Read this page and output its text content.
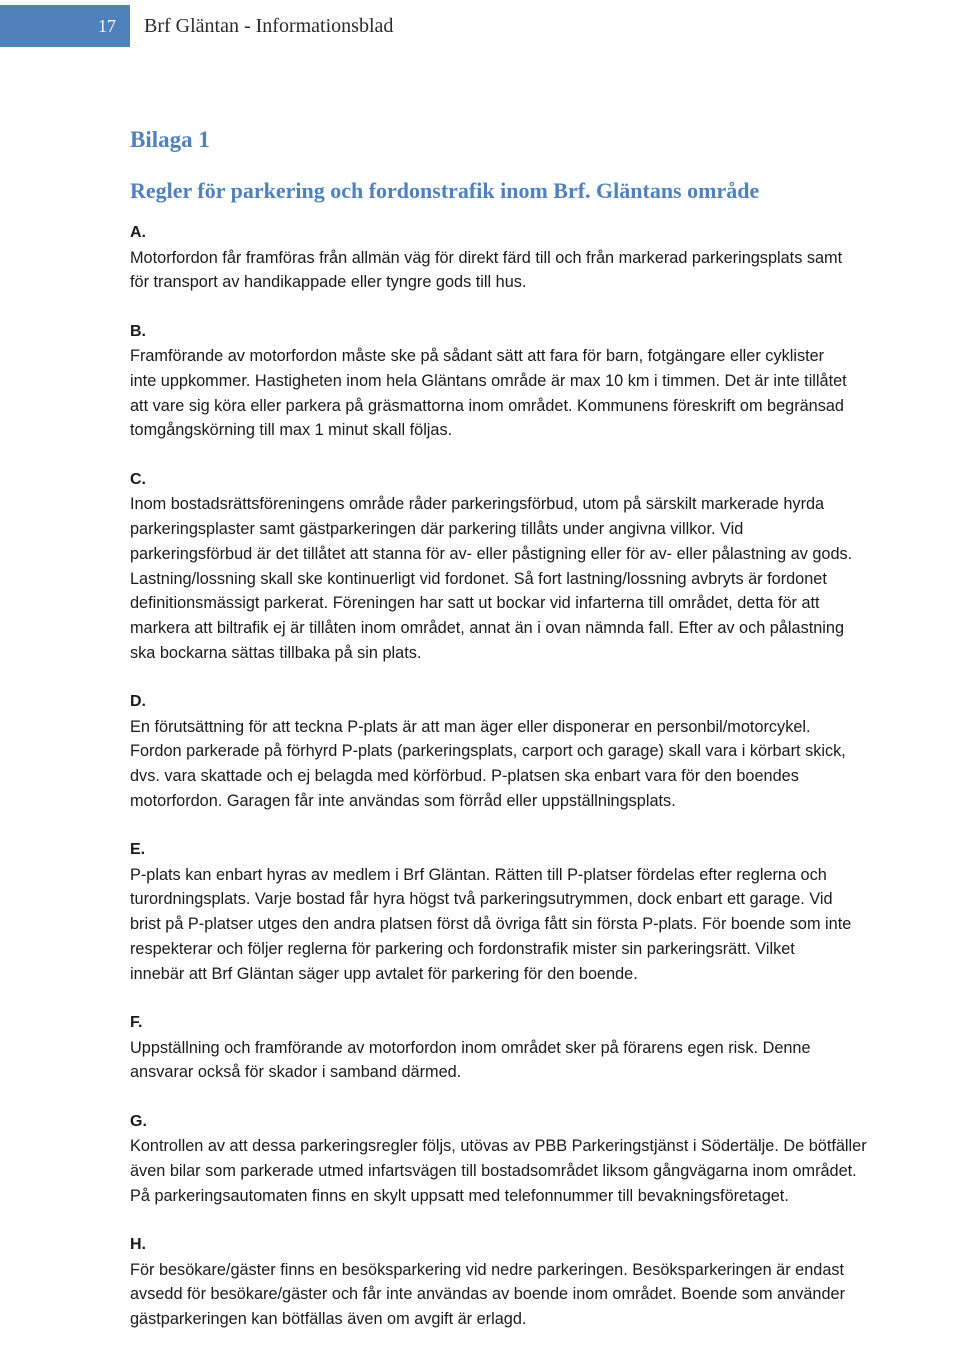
17	Brf Gläntan - Informationsblad
Bilaga 1
Regler för parkering och fordonstrafik inom Brf. Gläntans område

A.

Motorfordon får framföras från allmän väg för direkt färd till och från markerad parkeringsplats samt
för transport av handikappade eller tyngre gods till hus.

B.

Framförande av motorfordon måste ske på sådant sätt att fara för barn, fotgängare eller cyklister
inte uppkommer. Hastigheten inom hela Gläntans område är max 10 km i timmen. Det är inte tillåtet
att vare sig köra eller parkera på gräsmattorna inom området. Kommunens föreskrift om begränsad
tomgångskörning till max 1 minut skall följas.

C.

Inom bostadsrättsföreningens område råder parkeringsförbud, utom på särskilt markerade hyrda
parkeringsplaster samt gästparkeringen där parkering tillåts under angivna villkor. Vid
parkeringsförbud är det tillåtet att stanna för av- eller påstigning eller för av- eller pålastning av gods.
Lastning/lossning skall ske kontinuerligt vid fordonet. Så fort lastning/lossning avbryts är fordonet
definitionsmässigt parkerat. Föreningen har satt ut bockar vid infarterna till området, detta för att
markera att biltrafik ej är tillåten inom området, annat än i ovan nämnda fall. Efter av och pålastning
ska bockarna sättas tillbaka på sin plats.

D.

En förutsättning för att teckna P-plats är att man äger eller disponerar en personbil/motorcykel.
Fordon parkerade på förhyrd P-plats (parkeringsplats, carport och garage) skall vara i körbart skick,
dvs. vara skattade och ej belagda med körförbud. P-platsen ska enbart vara för den boendes
motorfordon. Garagen får inte användas som förråd eller uppställningsplats.

E.

P-plats kan enbart hyras av medlem i Brf Gläntan. Rätten till P-platser fördelas efter reglerna och
turordningsplats. Varje bostad får hyra högst två parkeringsutrymmen, dock enbart ett garage. Vid
brist på P-platser utges den andra platsen först då övriga fått sin första P-plats. För boende som inte
respekterar och följer reglerna för parkering och fordonstrafik mister sin parkeringsrätt. Vilket
innebär att Brf Gläntan säger upp avtalet för parkering för den boende.

F.

Uppställning och framförande av motorfordon inom området sker på förarens egen risk. Denne
ansvarar också för skador i samband därmed.

G.

Kontrollen av att dessa parkeringsregler följs, utövas av PBB Parkeringstjänst i Södertälje. De bötfäller
även bilar som parkerade utmed infartsvägen till bostadsområdet liksom gångvägarna inom området.
På parkeringsautomaten finns en skylt uppsatt med telefonnummer till bevakningsföretaget.

H.

För besökare/gäster finns en besöksparkering vid nedre parkeringen. Besöksparkeringen är endast
avsedd för besökare/gäster och får inte användas av boende inom området. Boende som använder
gästparkeringen kan bötfällas även om avgift är erlagd.
